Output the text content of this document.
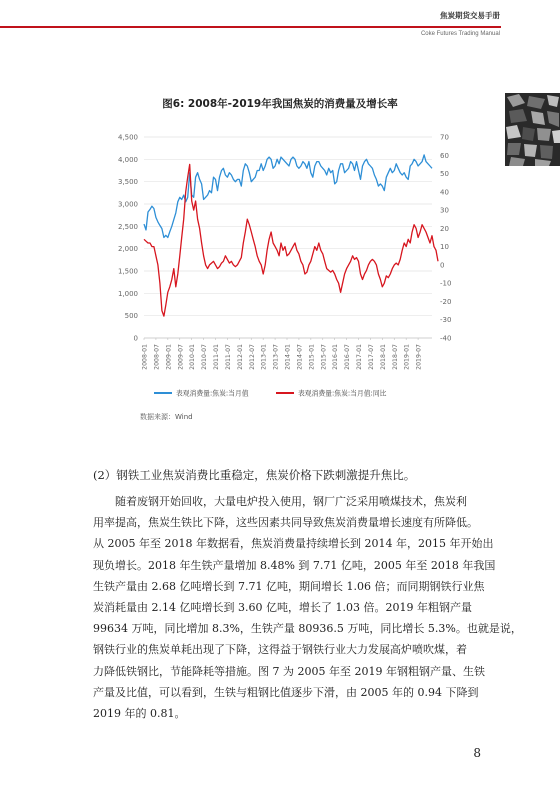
焦炭期货交易手册
Coke Futures Trading Manual
图6: 2008年-2019年我国焦炭的消费量及增长率
4,500
4,000
3,500
3,000
2,500
2,000
1,500
1,000
500
0
70
60
50
40
30
20
10
0
-10
-20
-30
-40
2008-01 2008-07 2009-01 2009-07 2010-01 2010-07 2011-01 2011-07 2012-01 2012-07 2013-01 2013-07 2014-01 2014-07 2015-01 2015-07 2016-01 2016-07 2017-01 2017-07 2018-01 2018-07 2019-01 2019-07
表观消费量:焦炭:当月值	表观消费量:焦炭:当月值:同比
数据来源：Wind
(2）钢铁工业焦炭消费比重稳定，焦炭价格下跌刺激提升焦比。
随着废钢开始回收，大量电炉投入使用，钢厂广泛采用喷煤技术，焦炭利
用率提高，焦炭生铁比下降，这些因素共同导致焦炭消费量增长速度有所降低。
从 2005 年至 2018 年数据看，焦炭消费量持续增长到 2014 年，2015 年开始出
现负增长。2018 年生铁产量增加 8.48% 到 7.71 亿吨，2005 年至 2018 年我国
生铁产量由 2.68 亿吨增长到 7.71 亿吨，期间增长 1.06 倍；而同期钢铁行业焦
炭消耗量由 2.14 亿吨增长到 3.60 亿吨，增长了 1.03 倍。2019 年粗钢产量
99634 万吨，同比增加 8.3%，生铁产量 80936.5 万吨，同比增长 5.3%。也就是说，
钢铁行业的焦炭单耗出现了下降，这得益于钢铁行业大力发展高炉喷吹煤，着
力降低铁钢比，节能降耗等措施。图 7 为 2005 年至 2019 年钢粗钢产量、生铁
产量及比值，可以看到，生铁与粗钢比值逐步下滑，由 2005 年的 0.94 下降到
2019 年的 0.81。
8
